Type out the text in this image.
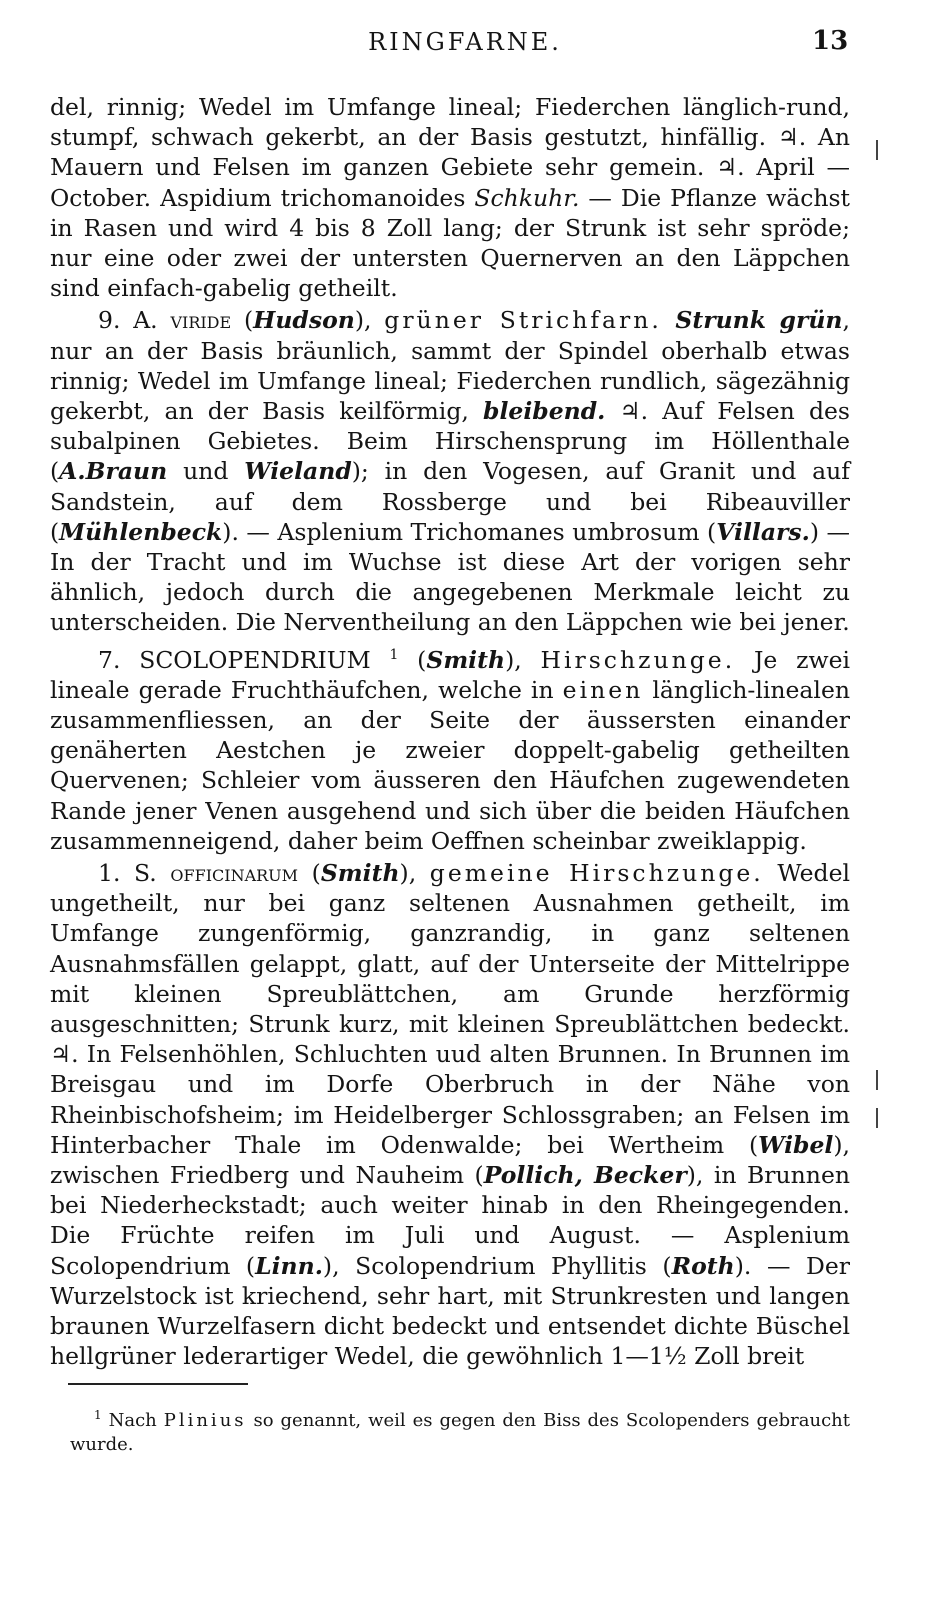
RINGFARNE.	13

del, rinnig; Wedel im Umfange lineal; Fiederchen länglich-rund, stumpf, schwach gekerbt, an der Basis gestutzt, hinfällig. ♃. An Mauern und Felsen im ganzen Gebiete sehr gemein. ♃. April — October. Aspidium trichomanoides Schkuhr. — Die Pflanze wächst in Rasen und wird 4 bis 8 Zoll lang; der Strunk ist sehr spröde; nur eine oder zwei der untersten Quernerven an den Läppchen sind einfach-gabelig getheilt.

9. A. viride (Hudson), grüner Strichfarn. Strunk grün, nur an der Basis bräunlich, sammt der Spindel oberhalb etwas rinnig; Wedel im Umfange lineal; Fiederchen rundlich, sägezähnig gekerbt, an der Basis keilförmig, bleibend. ♃. Auf Felsen des subalpinen Gebietes. Beim Hirschensprung im Höllenthale (A.Braun und Wieland); in den Vogesen, auf Granit und auf Sandstein, auf dem Rossberge und bei Ribeauviller (Mühlenbeck). — Asplenium Trichomanes umbrosum (Villars.) — In der Tracht und im Wuchse ist diese Art der vorigen sehr ähnlich, jedoch durch die angegebenen Merkmale leicht zu unterscheiden. Die Nerventheilung an den Läppchen wie bei jener.

7. SCOLOPENDRIUM $^1$ (Smith), Hirschzunge. Je zwei lineale gerade Fruchthäufchen, welche in einen länglich-linealen zusammenfliessen, an der Seite der äussersten einander genäherten Aestchen je zweier doppelt-gabelig getheilten Quervenen; Schleier vom äusseren den Häufchen zugewendeten Rande jener Venen ausgehend und sich über die beiden Häufchen zusammenneigend, daher beim Oeffnen scheinbar zweiklappig.

1. S. officinarum (Smith), gemeine Hirschzunge. Wedel ungetheilt, nur bei ganz seltenen Ausnahmen getheilt, im Umfange zungenförmig, ganzrandig, in ganz seltenen Ausnahmsfällen gelappt, glatt, auf der Unterseite der Mittelrippe mit kleinen Spreublättchen, am Grunde herzförmig ausgeschnitten; Strunk kurz, mit kleinen Spreublättchen bedeckt. ♃. In Felsenhöhlen, Schluchten uud alten Brunnen. In Brunnen im Breisgau und im Dorfe Oberbruch in der Nähe von Rheinbischofsheim; im Heidelberger Schlossgraben; an Felsen im Hinterbacher Thale im Odenwalde; bei Wertheim (Wibel), zwischen Friedberg und Nauheim (Pollich, Becker), in Brunnen bei Niederheckstadt; auch weiter hinab in den Rheingegenden. Die Früchte reifen im Juli und August. — Asplenium Scolopendrium (Linn.), Scolopendrium Phyllitis (Roth). — Der Wurzelstock ist kriechend, sehr hart, mit Strunkresten und langen braunen Wurzelfasern dicht bedeckt und entsendet dichte Büschel hellgrüner lederartiger Wedel, die gewöhnlich 1—1½ Zoll breit

$^1$ Nach Plinius so genannt, weil es gegen den Biss des Scolopenders gebraucht wurde.
